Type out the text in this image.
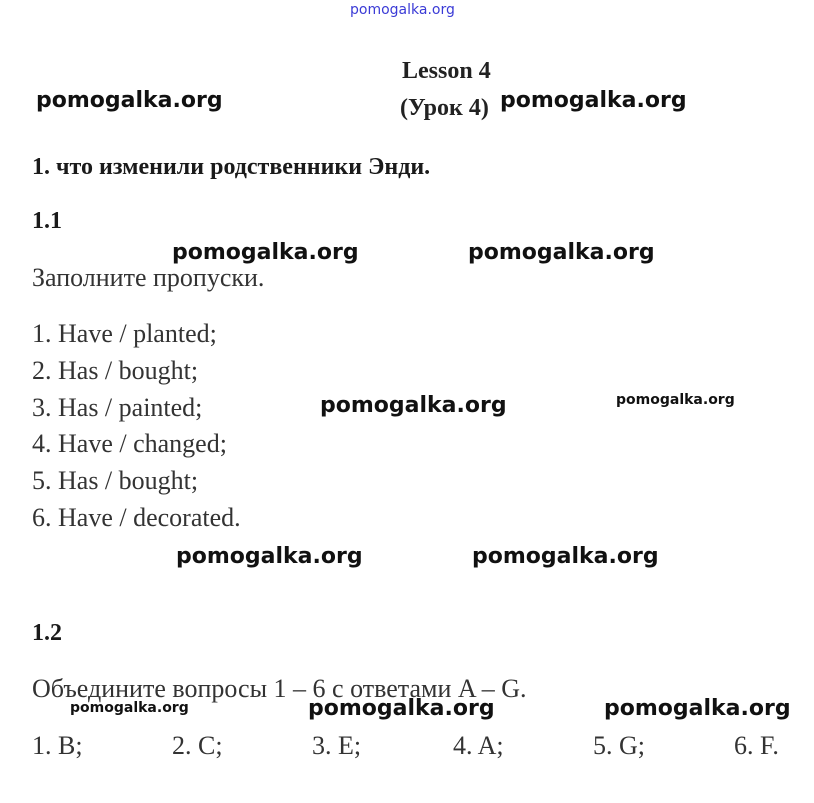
pomogalka.org
Lesson 4
(Урок 4)
pomogalka.org	pomogalka.org
1. что изменили родственники Энди.
1.1
pomogalka.org	pomogalka.org
Заполните пропуски.
1. Have / planted;
2. Has / bought;
3. Has / painted;
4. Have / changed;
5. Has / bought;
6. Have / decorated.
pomogalka.org	pomogalka.org
pomogalka.org	pomogalka.org
1.2
Объедините вопросы 1 – 6 с ответами A – G.
pomogalka.org	pomogalka.org	pomogalka.org
1. B;	2. C;	3. E;	4. A;	5. G;	6. F.
